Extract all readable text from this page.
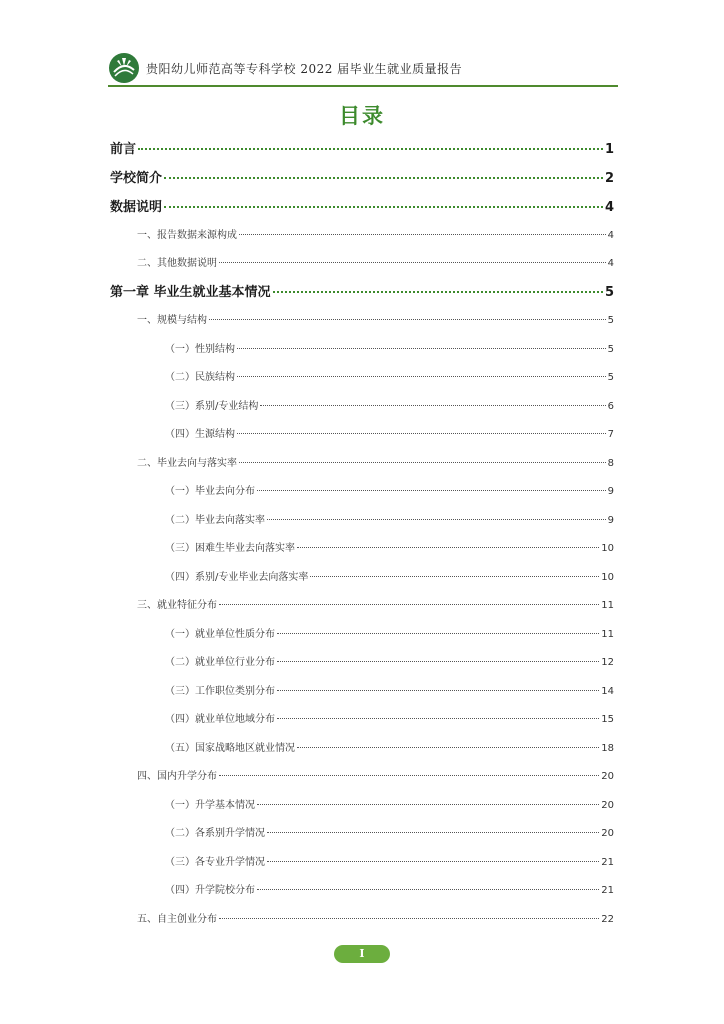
贵阳幼儿师范高等专科学校 2022 届毕业生就业质量报告
目录
前言	1
学校简介	2
数据说明	4
一、报告数据来源构成	4
二、其他数据说明	4
第一章 毕业生就业基本情况	5
一、规模与结构	5
（一）性别结构	5
（二）民族结构	5
（三）系别/专业结构	6
（四）生源结构	7
二、毕业去向与落实率	8
（一）毕业去向分布	9
（二）毕业去向落实率	9
（三）困难生毕业去向落实率	10
（四）系别/专业毕业去向落实率	10
三、就业特征分布	11
（一）就业单位性质分布	11
（二）就业单位行业分布	12
（三）工作职位类别分布	14
（四）就业单位地域分布	15
（五）国家战略地区就业情况	18
四、国内升学分布	20
（一）升学基本情况	20
（二）各系别升学情况	20
（三）各专业升学情况	21
（四）升学院校分布	21
五、自主创业分布	22
I
